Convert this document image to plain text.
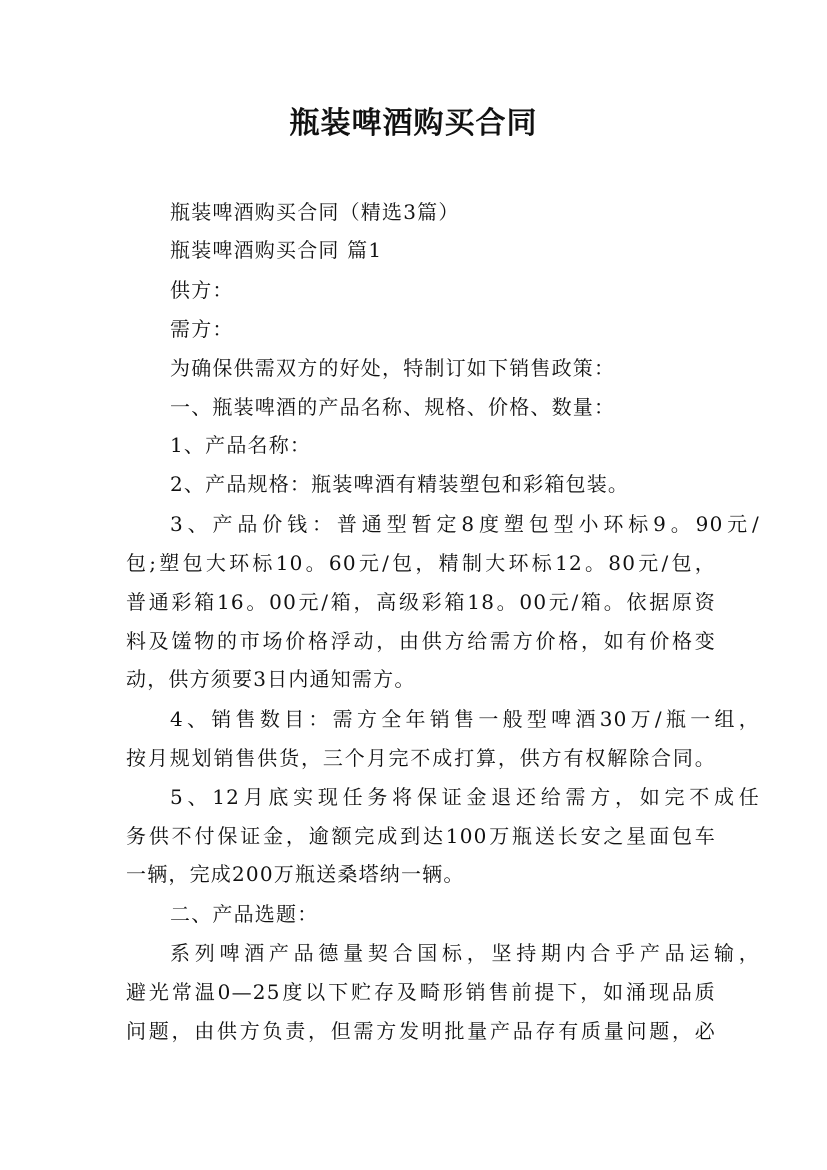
瓶装啤酒购买合同
瓶装啤酒购买合同（精选3篇）
瓶装啤酒购买合同 篇1
供方：
需方：
为确保供需双方的好处，特制订如下销售政策：
一、瓶装啤酒的产品名称、规格、价格、数量：
1、产品名称：
2、产品规格：瓶装啤酒有精装塑包和彩箱包装。
3、产品价钱：普通型暂定8度塑包型小环标9。90元/
包;塑包大环标10。60元/包，精制大环标12。80元/包，
普通彩箱16。00元/箱，高级彩箱18。00元/箱。依据原资
料及馐物的市场价格浮动，由供方给需方价格，如有价格变
动，供方须要3日内通知需方。
4、销售数目：需方全年销售一般型啤酒30万/瓶一组，
按月规划销售供货，三个月完不成打算，供方有权解除合同。
5、12月底实现任务将保证金退还给需方，如完不成任
务供不付保证金，逾额完成到达100万瓶送长安之星面包车
一辆，完成200万瓶送桑塔纳一辆。
二、产品选题：
系列啤酒产品德量契合国标，坚持期内合乎产品运输，
避光常温0—25度以下贮存及畸形销售前提下，如涌现品质
问题，由供方负责，但需方发明批量产品存有质量问题，必
